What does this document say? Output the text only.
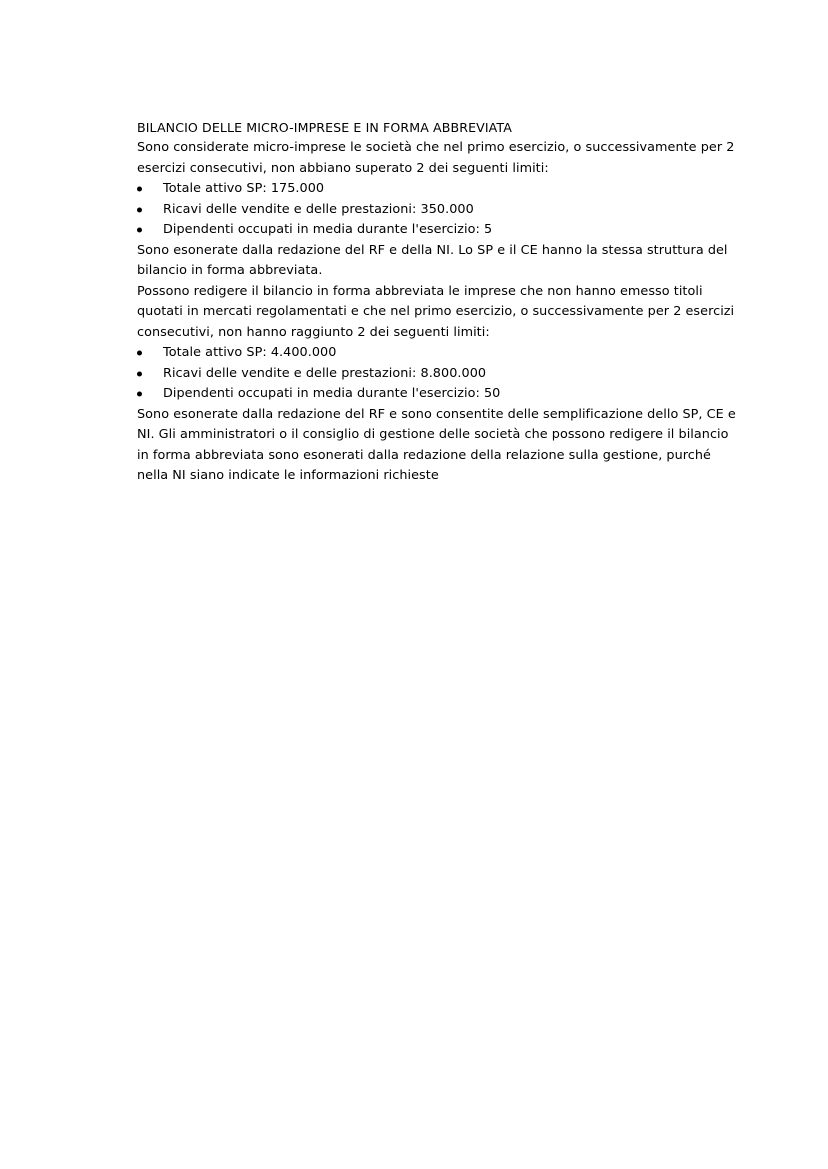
BILANCIO DELLE MICRO-IMPRESE E IN FORMA ABBREVIATA

Sono considerate micro-imprese le società che nel primo esercizio, o successivamente per 2 esercizi consecutivi, non abbiano superato 2 dei seguenti limiti:

Totale attivo SP: 175.000
Ricavi delle vendite e delle prestazioni: 350.000
Dipendenti occupati in media durante l'esercizio: 5

Sono esonerate dalla redazione del RF e della NI. Lo SP e il CE hanno la stessa struttura del bilancio in forma abbreviata.

Possono redigere il bilancio in forma abbreviata le imprese che non hanno emesso titoli quotati in mercati regolamentati e che nel primo esercizio, o successivamente per 2 esercizi consecutivi, non hanno raggiunto 2 dei seguenti limiti:

Totale attivo SP: 4.400.000
Ricavi delle vendite e delle prestazioni: 8.800.000
Dipendenti occupati in media durante l'esercizio: 50

Sono esonerate dalla redazione del RF e sono consentite delle semplificazione dello SP, CE e NI. Gli amministratori o il consiglio di gestione delle società che possono redigere il bilancio in forma abbreviata sono esonerati dalla redazione della relazione sulla gestione, purché nella NI siano indicate le informazioni richieste
